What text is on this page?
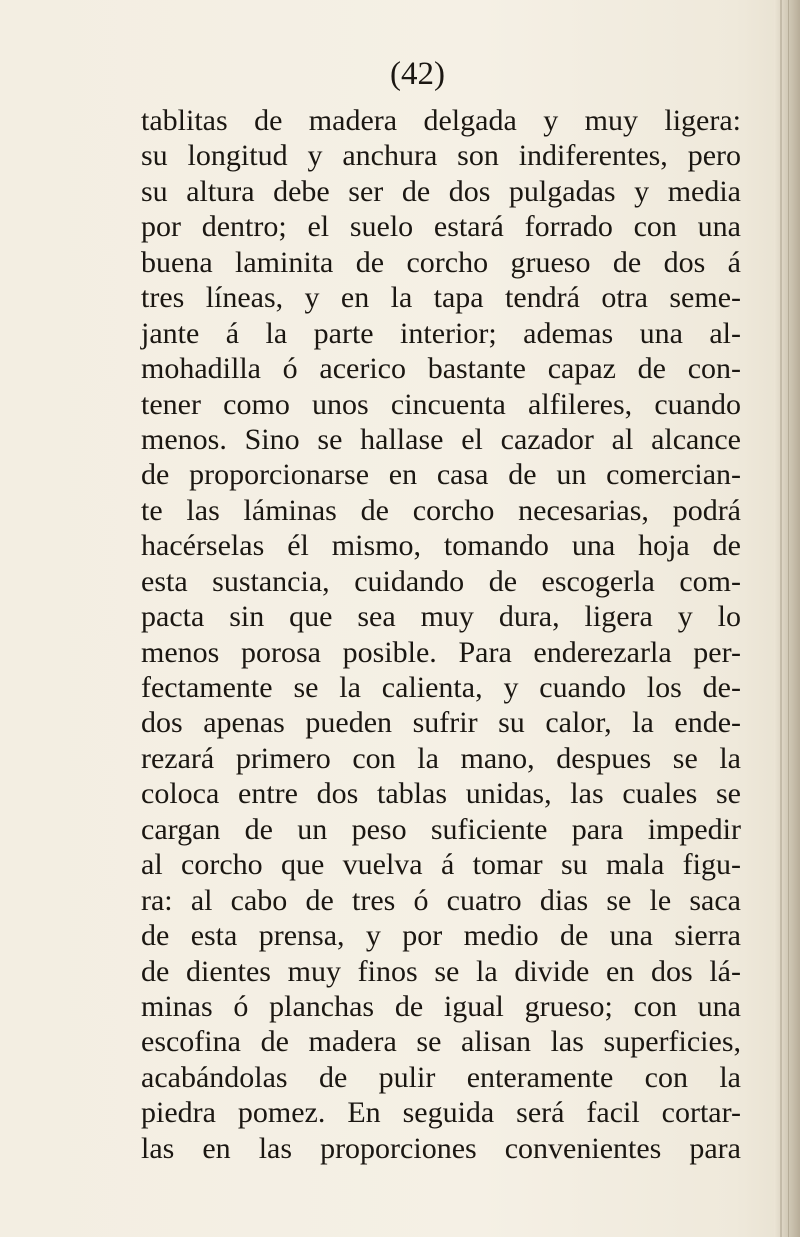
(42)
tablitas de madera delgada y muy ligera:
su longitud y anchura son indiferentes, pero
su altura debe ser de dos pulgadas y media
por dentro; el suelo estará forrado con una
buena laminita de corcho grueso de dos á
tres líneas, y en la tapa tendrá otra seme-
jante á la parte interior; ademas una al-
mohadilla ó acerico bastante capaz de con-
tener como unos cincuenta alfileres, cuando
menos. Sino se hallase el cazador al alcance
de proporcionarse en casa de un comercian-
te las láminas de corcho necesarias, podrá
hacérselas él mismo, tomando una hoja de
esta sustancia, cuidando de escogerla com-
pacta sin que sea muy dura, ligera y lo
menos porosa posible. Para enderezarla per-
fectamente se la calienta, y cuando los de-
dos apenas pueden sufrir su calor, la ende-
rezará primero con la mano, despues se la
coloca entre dos tablas unidas, las cuales se
cargan de un peso suficiente para impedir
al corcho que vuelva á tomar su mala figu-
ra: al cabo de tres ó cuatro dias se le saca
de esta prensa, y por medio de una sierra
de dientes muy finos se la divide en dos lá-
minas ó planchas de igual grueso; con una
escofina de madera se alisan las superficies,
acabándolas de pulir enteramente con la
piedra pomez. En seguida será facil cortar-
las en las proporciones convenientes para
